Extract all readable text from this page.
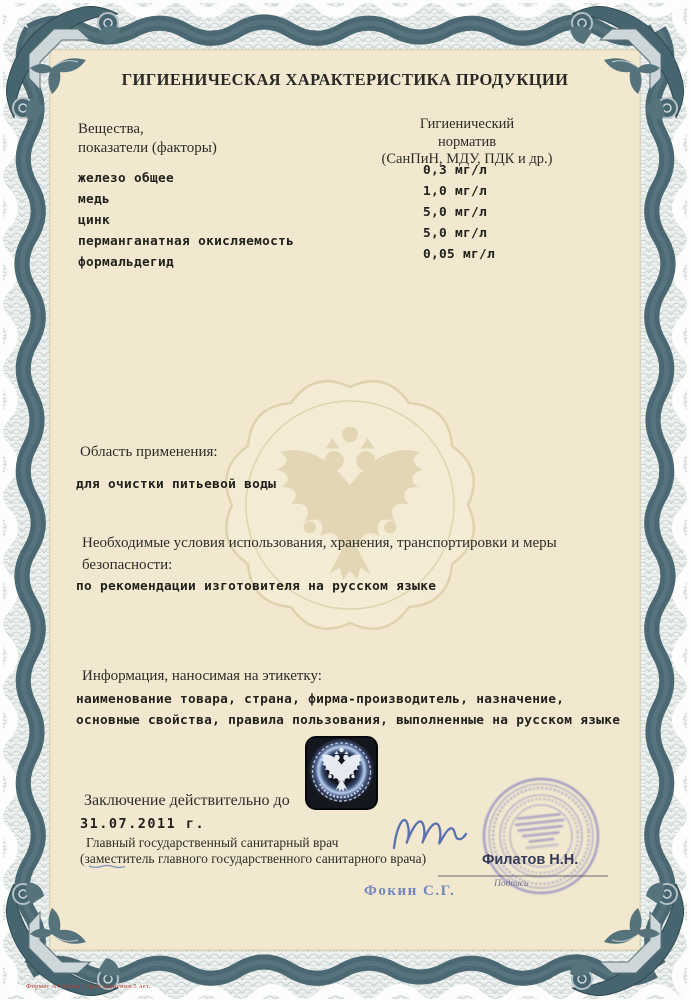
ГИГИЕНИЧЕСКАЯ ХАРАКТЕРИСТИКА ПРОДУКЦИИ
Вещества,
показатели (факторы)
Гигиенический
норматив
(СанПиН, МДУ, ПДК и др.)
железо общее
медь
цинк
перманганатная окисляемость
формальдегид
0,3 мг/л
1,0 мг/л
5,0 мг/л
5,0 мг/л
0,05 мг/л
Область применения:
для очистки питьевой воды
Необходимые условия использования, хранения, транспортировки и меры безопасности:
по рекомендации изготовителя на русском языке
Информация, наносимая на этикетку:
наименование товара, страна, фирма-производитель, назначение, основные свойства, правила пользования, выполненные на русском языке
Заключение действительно до
31.07.2011 г.
Главный государственный санитарный врач
(заместитель главного государственного санитарного врача)	Филатов Н.Н.
Подпись
Фокин С.Г.
Формат А4 Бланк. Срок хранения 5 лет.
